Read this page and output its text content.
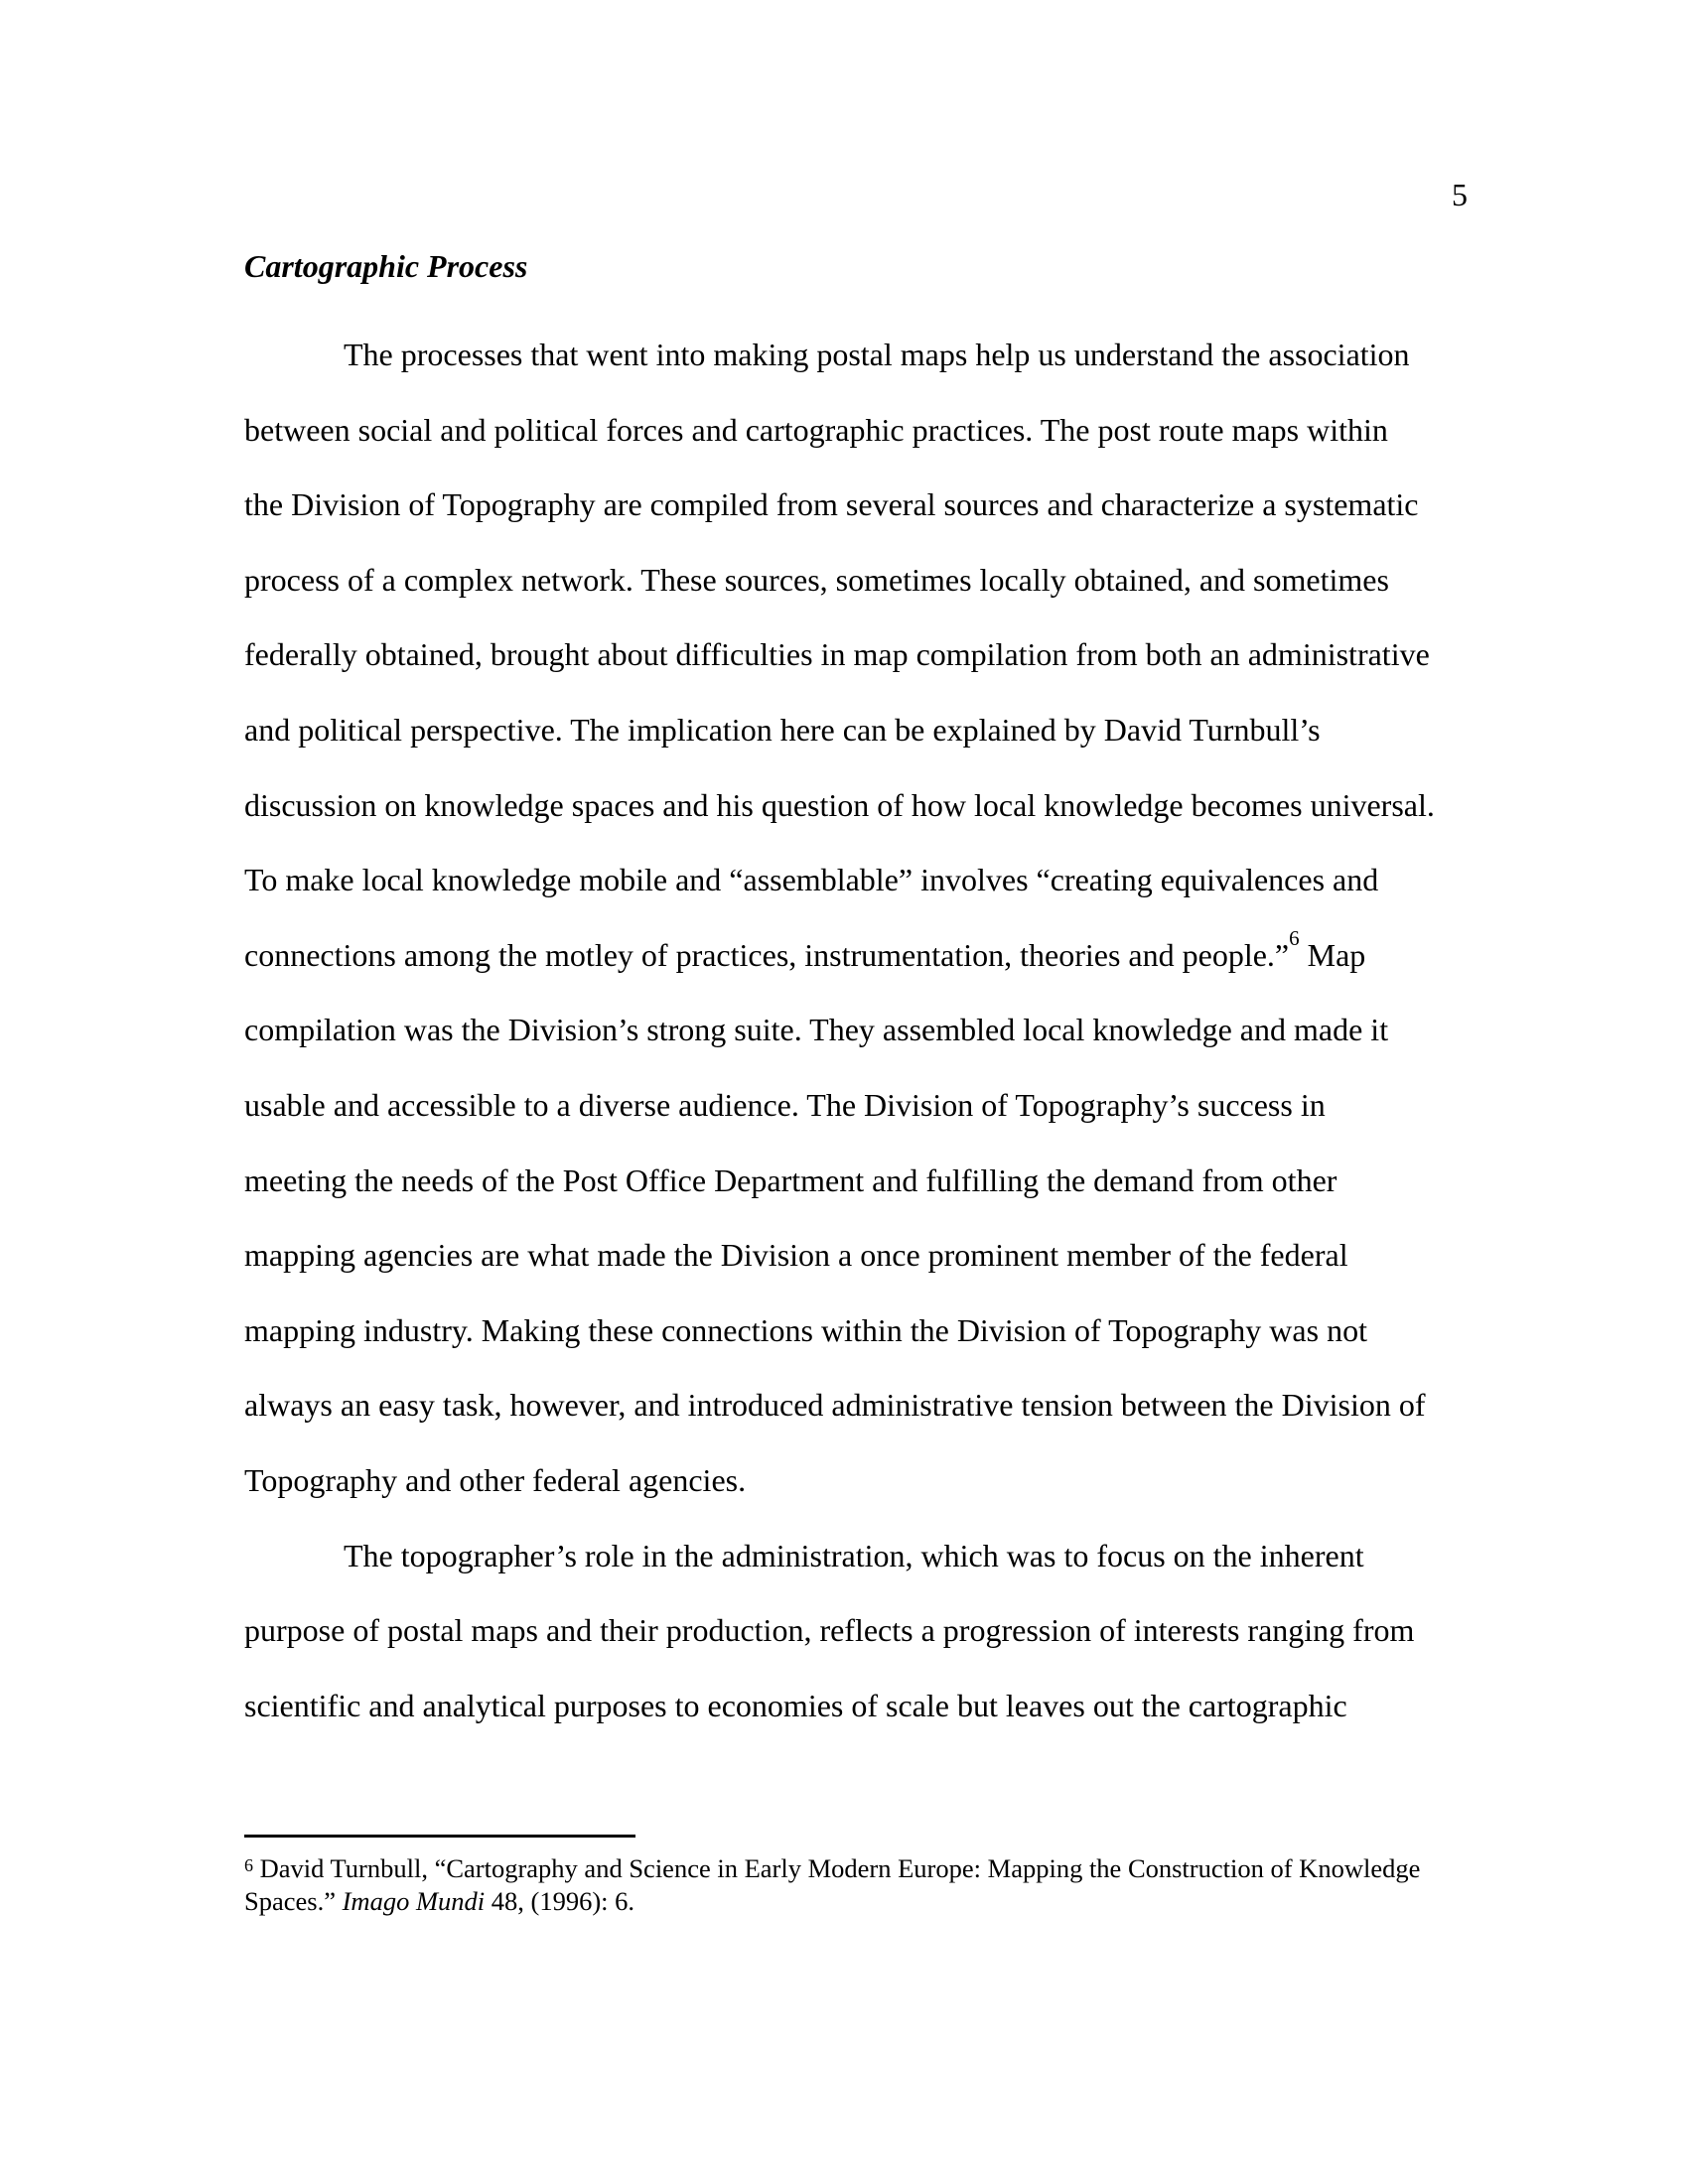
5
Cartographic Process
The processes that went into making postal maps help us understand the association
between social and political forces and cartographic practices. The post route maps within
the Division of Topography are compiled from several sources and characterize a systematic
process of a complex network. These sources, sometimes locally obtained, and sometimes
federally obtained, brought about difficulties in map compilation from both an administrative
and political perspective. The implication here can be explained by David Turnbull’s
discussion on knowledge spaces and his question of how local knowledge becomes universal.
To make local knowledge mobile and “assemblable” involves “creating equivalences and
connections among the motley of practices, instrumentation, theories and people.”$^6$ Map
compilation was the Division’s strong suite. They assembled local knowledge and made it
usable and accessible to a diverse audience. The Division of Topography’s success in
meeting the needs of the Post Office Department and fulfilling the demand from other
mapping agencies are what made the Division a once prominent member of the federal
mapping industry. Making these connections within the Division of Topography was not
always an easy task, however, and introduced administrative tension between the Division of
Topography and other federal agencies.
The topographer’s role in the administration, which was to focus on the inherent
purpose of postal maps and their production, reflects a progression of interests ranging from
scientific and analytical purposes to economies of scale but leaves out the cartographic
$^6$ David Turnbull, “Cartography and Science in Early Modern Europe: Mapping the Construction of Knowledge
Spaces.” Imago Mundi 48, (1996): 6.
